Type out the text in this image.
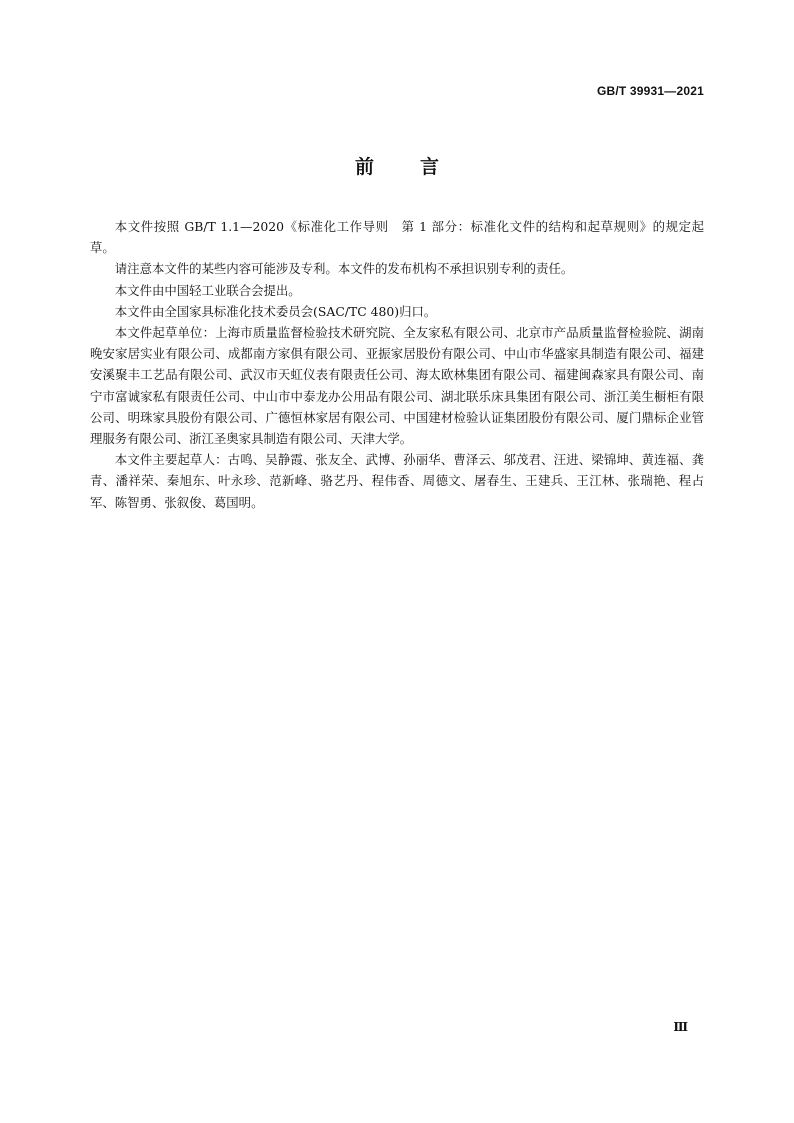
GB/T 39931—2021
前言

本文件按照 GB/T 1.1—2020《标准化工作导则　第 1 部分：标准化文件的结构和起草规则》的规定起草。

请注意本文件的某些内容可能涉及专利。本文件的发布机构不承担识别专利的责任。

本文件由中国轻工业联合会提出。

本文件由全国家具标准化技术委员会(SAC/TC 480)归口。

本文件起草单位：上海市质量监督检验技术研究院、全友家私有限公司、北京市产品质量监督检验院、湖南晚安家居实业有限公司、成都南方家俱有限公司、亚振家居股份有限公司、中山市华盛家具制造有限公司、福建安溪聚丰工艺品有限公司、武汉市天虹仪表有限责任公司、海太欧林集团有限公司、福建闽森家具有限公司、南宁市富诚家私有限责任公司、中山市中泰龙办公用品有限公司、湖北联乐床具集团有限公司、浙江美生橱柜有限公司、明珠家具股份有限公司、广德恒林家居有限公司、中国建材检验认证集团股份有限公司、厦门鼎标企业管理服务有限公司、浙江圣奥家具制造有限公司、天津大学。

本文件主要起草人：古鸣、吴静霞、张友全、武博、孙丽华、曹泽云、邬茂君、汪进、梁锦坤、黄连福、龚青、潘祥荣、秦旭东、叶永珍、范新峰、骆艺丹、程伟香、周德文、屠春生、王建兵、王江林、张瑞艳、程占军、陈智勇、张叙俊、葛国明。

Ⅲ
